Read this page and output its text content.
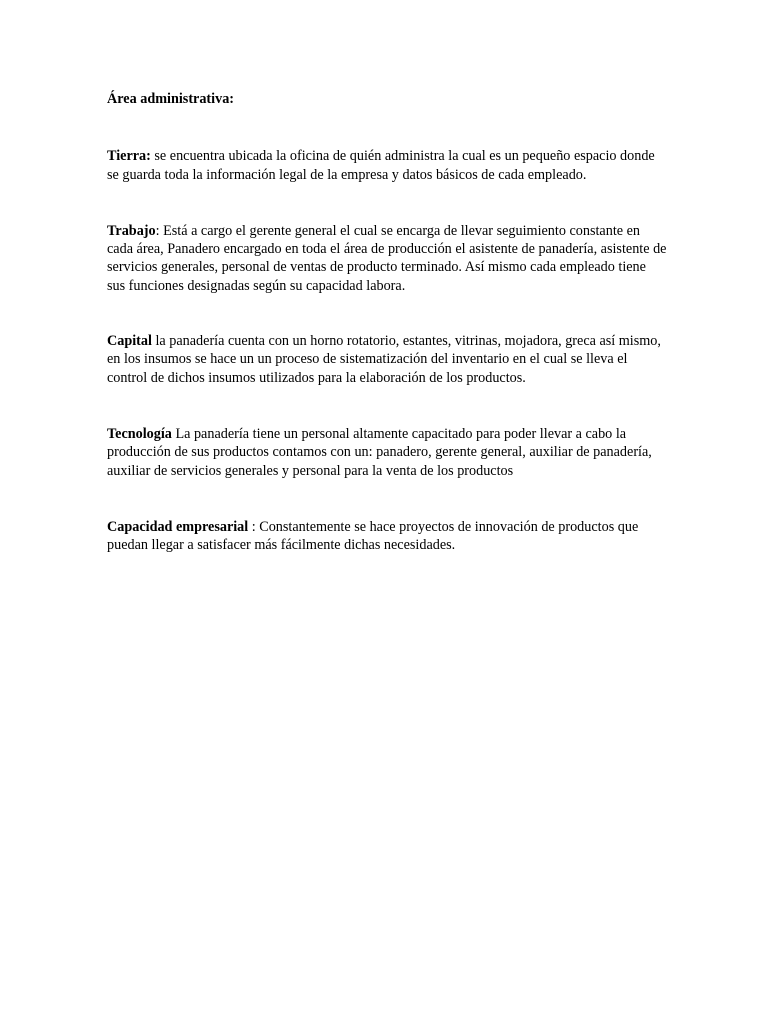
Área administrativa:

Tierra: se encuentra ubicada la oficina de quién administra la cual es un pequeño espacio donde se guarda toda la información legal de la empresa y datos básicos de cada empleado.

Trabajo: Está a cargo el gerente general el cual se encarga de llevar seguimiento constante en cada área, Panadero encargado en toda el área de producción el asistente de panadería, asistente de servicios generales, personal de ventas de producto terminado. Así mismo cada empleado tiene sus funciones designadas según su capacidad labora.

Capital la panadería cuenta con un horno rotatorio, estantes, vitrinas, mojadora, greca así mismo, en los insumos se hace un un proceso de sistematización del inventario en el cual se lleva el control de dichos insumos utilizados para la elaboración de los productos.

Tecnología La panadería tiene un personal altamente capacitado para poder llevar a cabo la producción de sus productos contamos con un: panadero, gerente general, auxiliar de panadería, auxiliar de servicios generales y personal para la venta de los productos

Capacidad empresarial : Constantemente se hace proyectos de innovación de productos que puedan llegar a satisfacer más fácilmente dichas necesidades.
